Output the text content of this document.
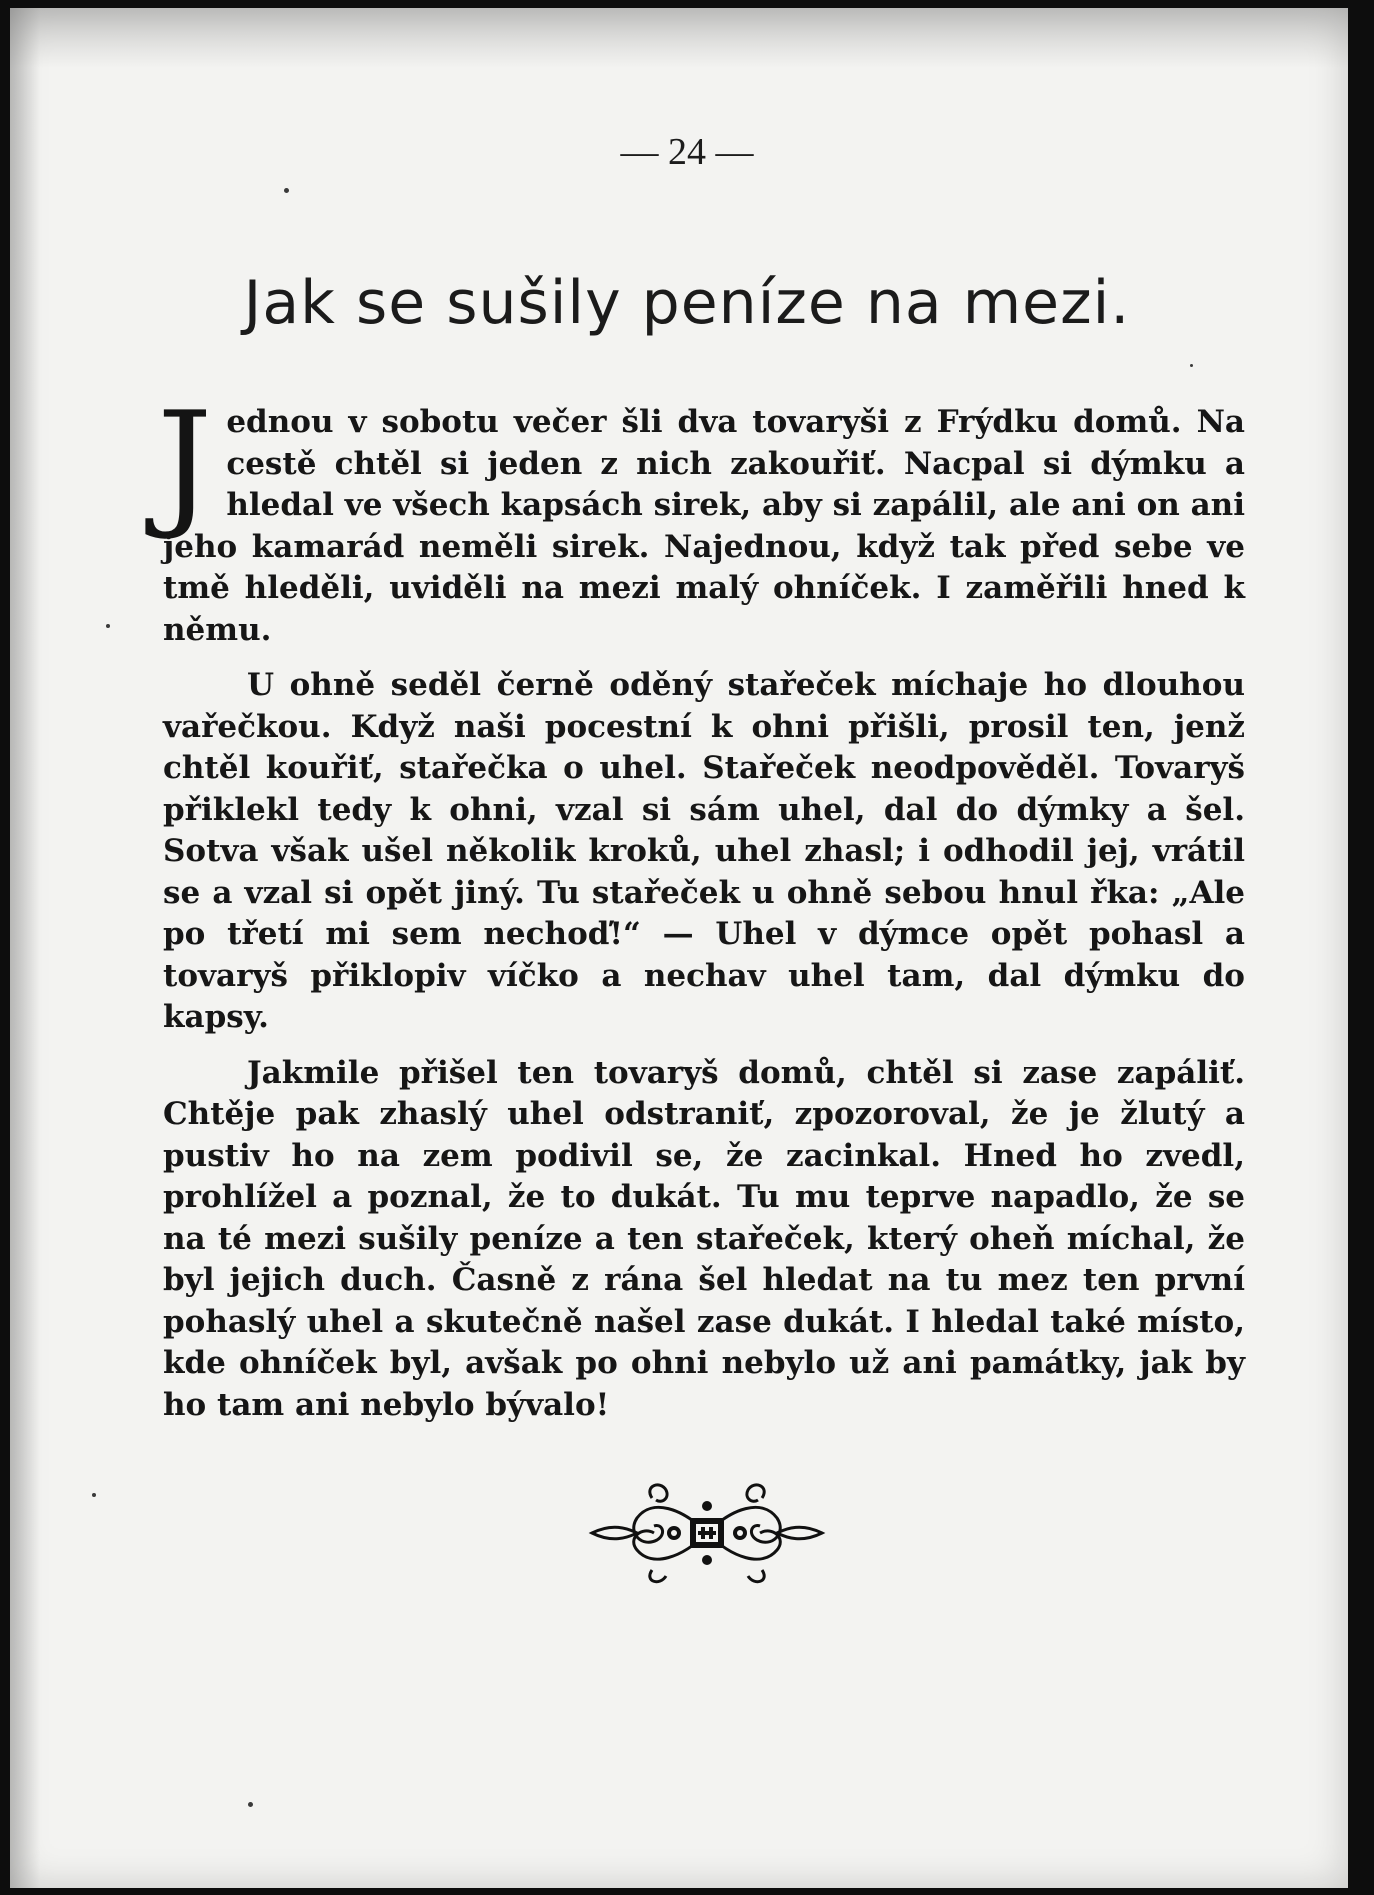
— 24 —
Jak se sušily peníze na mezi.

Jednou v sobotu večer šli dva tovaryši z Frýdku domů. Na cestě chtěl si jeden z nich zakouřiť. Nacpal si dýmku a hledal ve všech kapsách sirek, aby si zapálil, ale ani on ani jeho kamarád neměli sirek. Najednou, když tak před sebe ve tmě hleděli, uviděli na mezi malý ohníček. I zaměřili hned k němu.

U ohně seděl černě oděný stařeček míchaje ho dlouhou vařečkou. Když naši pocestní k ohni přišli, prosil ten, jenž chtěl kouřiť, stařečka o uhel. Stařeček neodpověděl. Tovaryš přiklekl tedy k ohni, vzal si sám uhel, dal do dýmky a šel. Sotva však ušel několik kroků, uhel zhasl; i odhodil jej, vrátil se a vzal si opět jiný. Tu stařeček u ohně sebou hnul řka: „Ale po třetí mi sem nechoď!“ — Uhel v dýmce opět pohasl a tovaryš přiklopiv víčko a nechav uhel tam, dal dýmku do kapsy.

Jakmile přišel ten tovaryš domů, chtěl si zase zapáliť. Chtěje pak zhaslý uhel odstraniť, zpozoroval, že je žlutý a pustiv ho na zem podivil se, že zacinkal. Hned ho zvedl, prohlížel a poznal, že to dukát. Tu mu teprve napadlo, že se na té mezi sušily peníze a ten stařeček, který oheň míchal, že byl jejich duch. Časně z rána šel hledat na tu mez ten první pohaslý uhel a skutečně našel zase dukát. I hledal také místo, kde ohníček byl, avšak po ohni nebylo už ani památky, jak by ho tam ani nebylo bývalo!
